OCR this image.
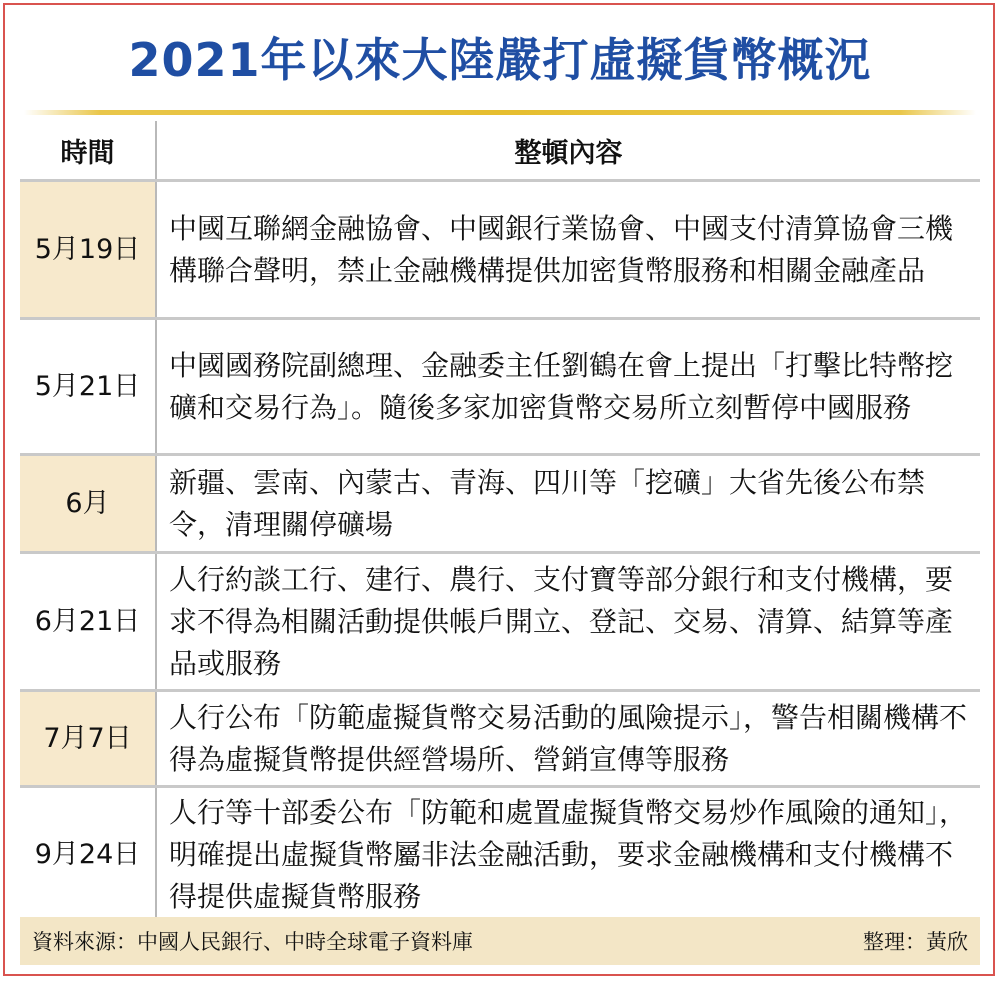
2021年以來大陸嚴打虛擬貨幣概況
時間	整頓內容
5月19日	中國互聯網金融協會、中國銀行業協會、中國支付清算協會三機構聯合聲明，禁止金融機構提供加密貨幣服務和相關金融產品
5月21日	中國國務院副總理、金融委主任劉鶴在會上提出「打擊比特幣挖礦和交易行為」。隨後多家加密貨幣交易所立刻暫停中國服務
6月	新疆、雲南、內蒙古、青海、四川等「挖礦」大省先後公布禁令，清理關停礦場
6月21日	人行約談工行、建行、農行、支付寶等部分銀行和支付機構，要求不得為相關活動提供帳戶開立、登記、交易、清算、結算等產品或服務
7月7日	人行公布「防範虛擬貨幣交易活動的風險提示」，警告相關機構不得為虛擬貨幣提供經營場所、營銷宣傳等服務
9月24日	人行等十部委公布「防範和處置虛擬貨幣交易炒作風險的通知」，明確提出虛擬貨幣屬非法金融活動，要求金融機構和支付機構不得提供虛擬貨幣服務
資料來源：中國人民銀行、中時全球電子資料庫	整理：黃欣
